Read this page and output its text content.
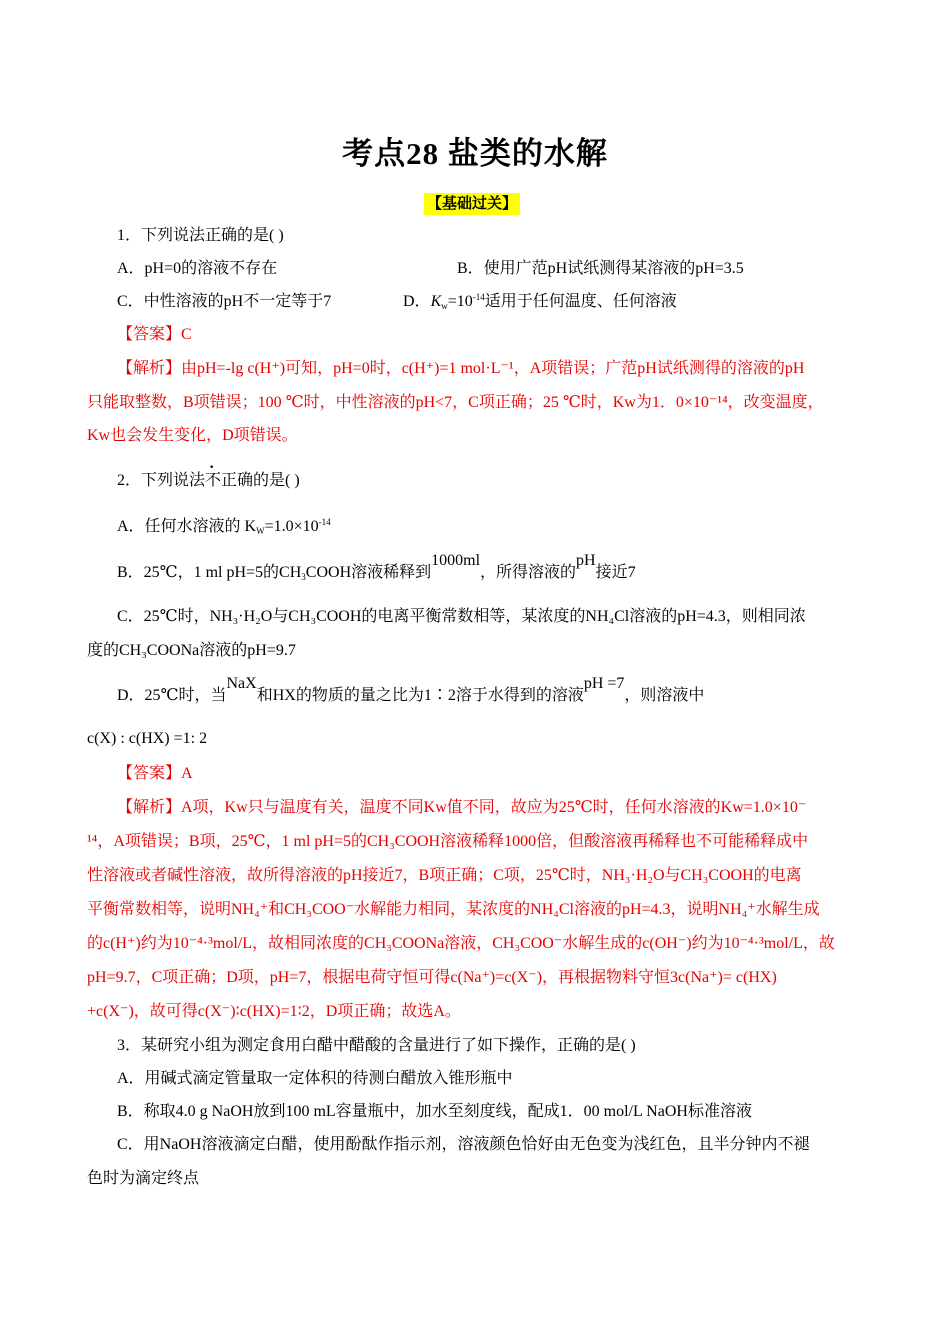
考点28 盐类的水解
【基础过关】
1．下列说法正确的是( )
A．pH=0的溶液不存在	B．使用广范pH试纸测得某溶液的pH=3.5
C．中性溶液的pH不一定等于7	D．$K_w=10^{-14}$适用于任何温度、任何溶液
【答案】C
【解析】由pH=-lg c(H⁺)可知，pH=0时，c(H⁺)=1 mol·L⁻¹，A项错误；广范pH试纸测得的溶液的pH
只能取整数，B项错误；100 ℃时，中性溶液的pH<7，C项正确；25 ℃时，Kw为1．0×10⁻¹⁴，改变温度，
Kw也会发生变化，D项错误。
2．下列说法不正确的是( )
A．任何水溶液的 $K_W=1.0\times 10^{-14}$
B．25℃，1 ml pH=5的$CH_3COOH$溶液稀释到1000ml，所得溶液的pH接近7
C．25℃时，NH₃·H₂O与CH₃COOH的电离平衡常数相等，某浓度的NH₄Cl溶液的pH=4.3，则相同浓
度的CH₃COONa溶液的pH=9.7
D．25℃时，当NaX和HX的物质的量之比为1∶2溶于水得到的溶液pH =7，则溶液中
c(X) : c(HX) =1: 2
【答案】A
【解析】A项，Kw只与温度有关，温度不同Kw值不同，故应为25℃时，任何水溶液的Kw=1.0×10⁻
¹⁴，A项错误；B项，25℃，1 ml pH=5的CH₃COOH溶液稀释1000倍，但酸溶液再稀释也不可能稀释成中
性溶液或者碱性溶液，故所得溶液的pH接近7，B项正确；C项，25℃时，NH₃·H₂O与CH₃COOH的电离
平衡常数相等，说明NH₄⁺和CH₃COO⁻水解能力相同，某浓度的NH₄Cl溶液的pH=4.3，说明NH₄⁺水解生成
的c(H⁺)约为10⁻⁴·³mol/L，故相同浓度的CH₃COONa溶液，CH₃COO⁻水解生成的c(OH⁻)约为10⁻⁴·³mol/L，故
pH=9.7，C项正确；D项，pH=7，根据电荷守恒可得c(Na⁺)=c(X⁻)，再根据物料守恒3c(Na⁺)= c(HX)
+c(X⁻)，故可得c(X⁻)∶c(HX)=1∶2，D项正确；故选A。
3．某研究小组为测定食用白醋中醋酸的含量进行了如下操作，正确的是( )
A．用碱式滴定管量取一定体积的待测白醋放入锥形瓶中
B．称取4.0 g NaOH放到100 mL容量瓶中，加水至刻度线，配成1．00 mol/L NaOH标准溶液
C．用NaOH溶液滴定白醋，使用酚酞作指示剂，溶液颜色恰好由无色变为浅红色，且半分钟内不褪
色时为滴定终点
